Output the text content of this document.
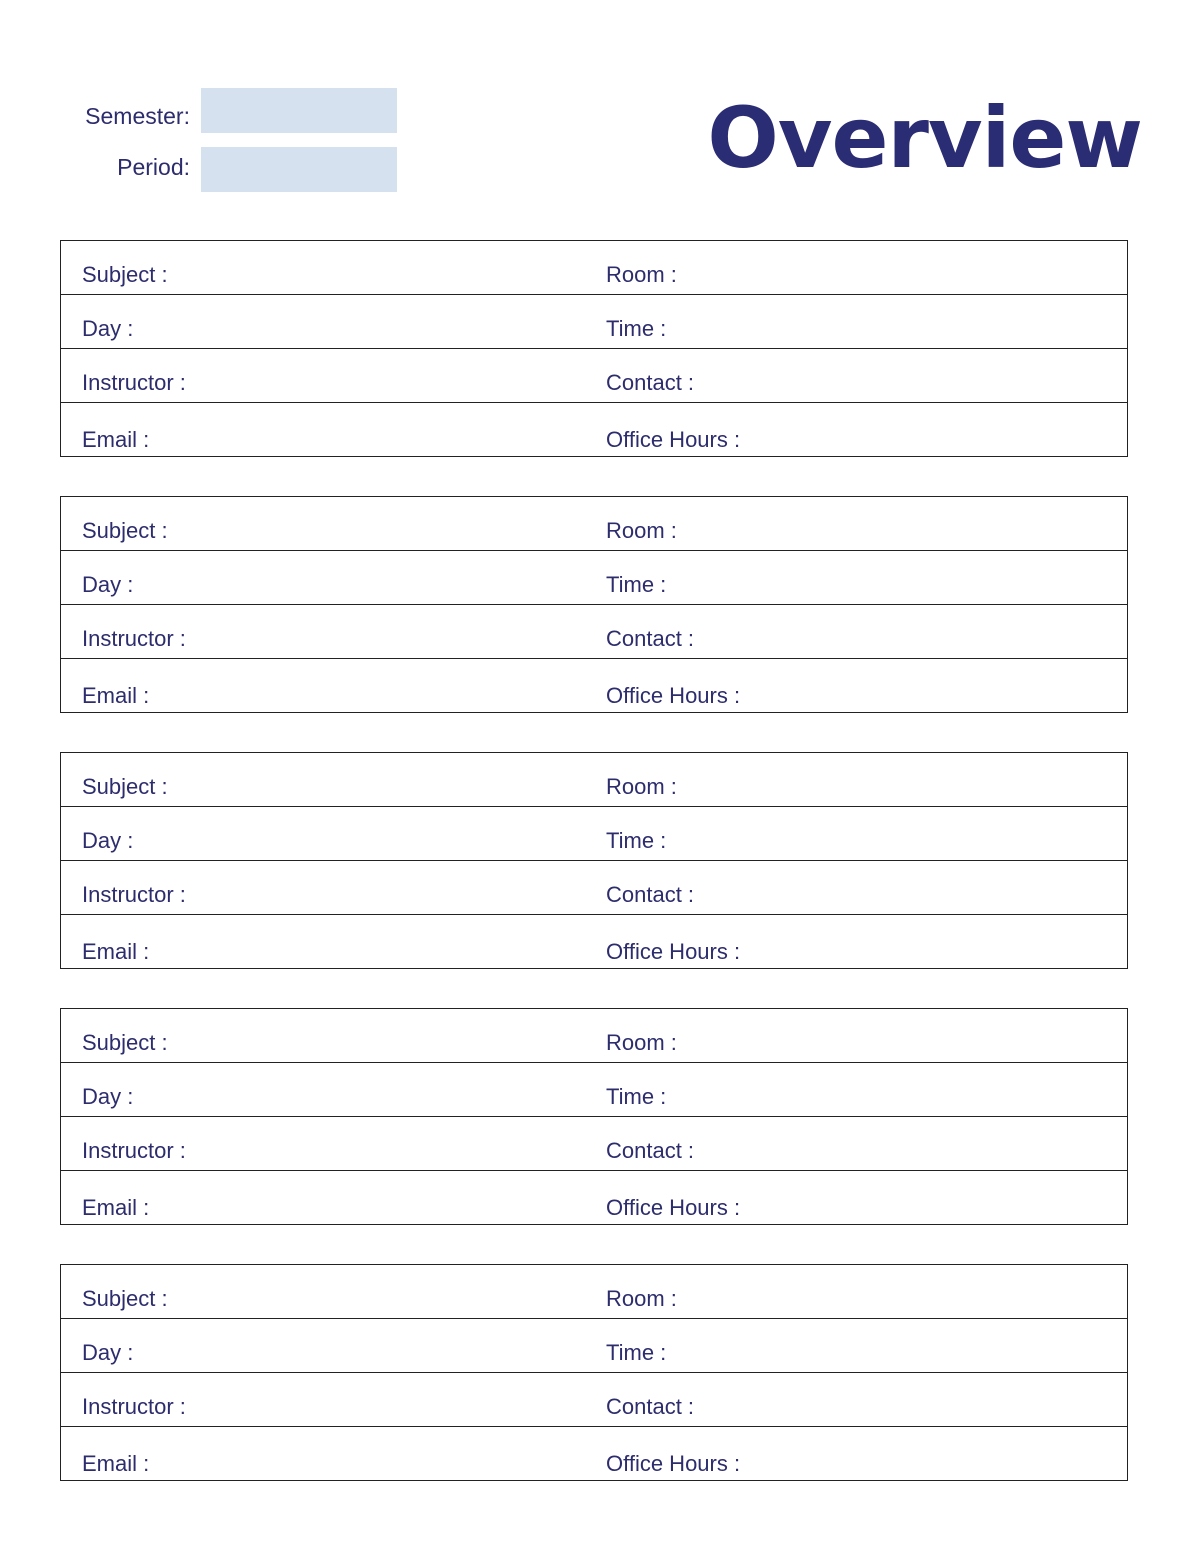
Semester:
Period:	Overview
Subject :	Room :
Day :	Time :
Instructor :	Contact :
Email :	Office Hours :
Subject :	Room :
Day :	Time :
Instructor :	Contact :
Email :	Office Hours :
Subject :	Room :
Day :	Time :
Instructor :	Contact :
Email :	Office Hours :
Subject :	Room :
Day :	Time :
Instructor :	Contact :
Email :	Office Hours :
Subject :	Room :
Day :	Time :
Instructor :	Contact :
Email :	Office Hours :
